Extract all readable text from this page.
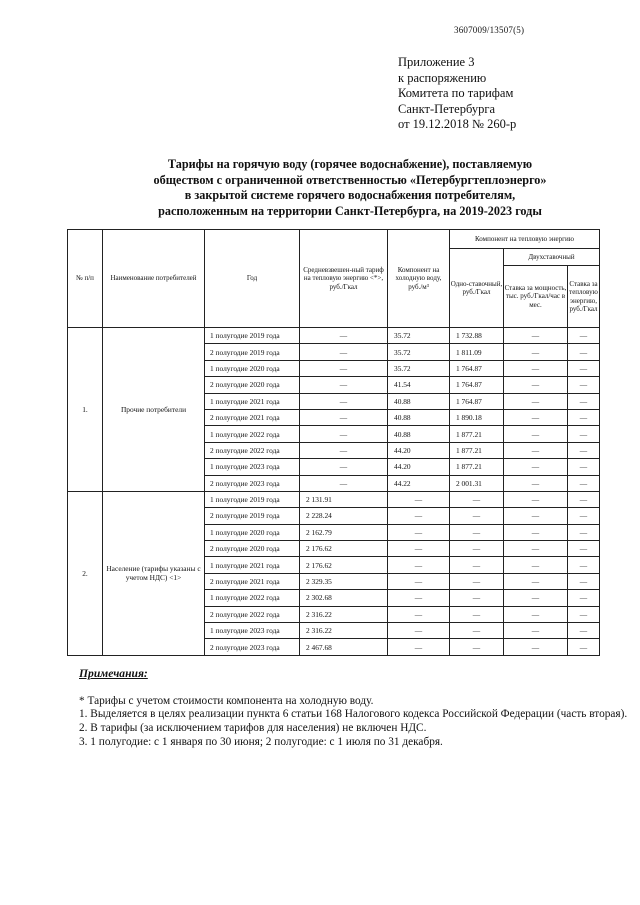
3607009/13507(5)
Приложение 3
к распоряжению
Комитета по тарифам
Санкт-Петербурга
от 19.12.2018 № 260-р
Тарифы на горячую воду (горячее водоснабжение), поставляемую
обществом с ограниченной ответственностью «Петербургтеплоэнерго»
в закрытой системе горячего водоснабжения потребителям,
расположенным на территории Санкт-Петербурга, на 2019-2023 годы
№ п/п	Наименование потребителей	Год	Средневзвешен-ный тариф на тепловую энергию <*>, руб./Гкал	Компонент на холодную воду, руб./м³	Компонент на тепловую энергию		
					Одно-ставочный, руб./Гкал	Двухставочный	
						Ставка за мощность, тыс. руб./Гкал/час в мес.	Ставка за тепловую энергию, руб./Гкал
1.	Прочие потребители	1 полугодие 2019 года	—	35.72	1 732.88	—	—
		2 полугодие 2019 года	—	35.72	1 811.09	—	—
		1 полугодие 2020 года	—	35.72	1 764.87	—	—
		2 полугодие 2020 года	—	41.54	1 764.87	—	—
		1 полугодие 2021 года	—	40.88	1 764.87	—	—
		2 полугодие 2021 года	—	40.88	1 890.18	—	—
		1 полугодие 2022 года	—	40.88	1 877.21	—	—
		2 полугодие 2022 года	—	44.20	1 877.21	—	—
		1 полугодие 2023 года	—	44.20	1 877.21	—	—
		2 полугодие 2023 года	—	44.22	2 001.31	—	—
2.	Население (тарифы указаны с учетом НДС) <1>	1 полугодие 2019 года	2 131.91	—	—	—	—
		2 полугодие 2019 года	2 228.24	—	—	—	—
		1 полугодие 2020 года	2 162.79	—	—	—	—
		2 полугодие 2020 года	2 176.62	—	—	—	—
		1 полугодие 2021 года	2 176.62	—	—	—	—
		2 полугодие 2021 года	2 329.35	—	—	—	—
		1 полугодие 2022 года	2 302.68	—	—	—	—
		2 полугодие 2022 года	2 316.22	—	—	—	—
		1 полугодие 2023 года	2 316.22	—	—	—	—
		2 полугодие 2023 года	2 467.68	—	—	—	—
Примечания:
* Тарифы с учетом стоимости компонента на холодную воду.
1. Выделяется в целях реализации пункта 6 статьи 168 Налогового кодекса Российской Федерации (часть вторая).
2. В тарифы (за исключением тарифов для населения) не включен НДС.
3. 1 полугодие: с 1 января по 30 июня; 2 полугодие: с 1 июля по 31 декабря.
